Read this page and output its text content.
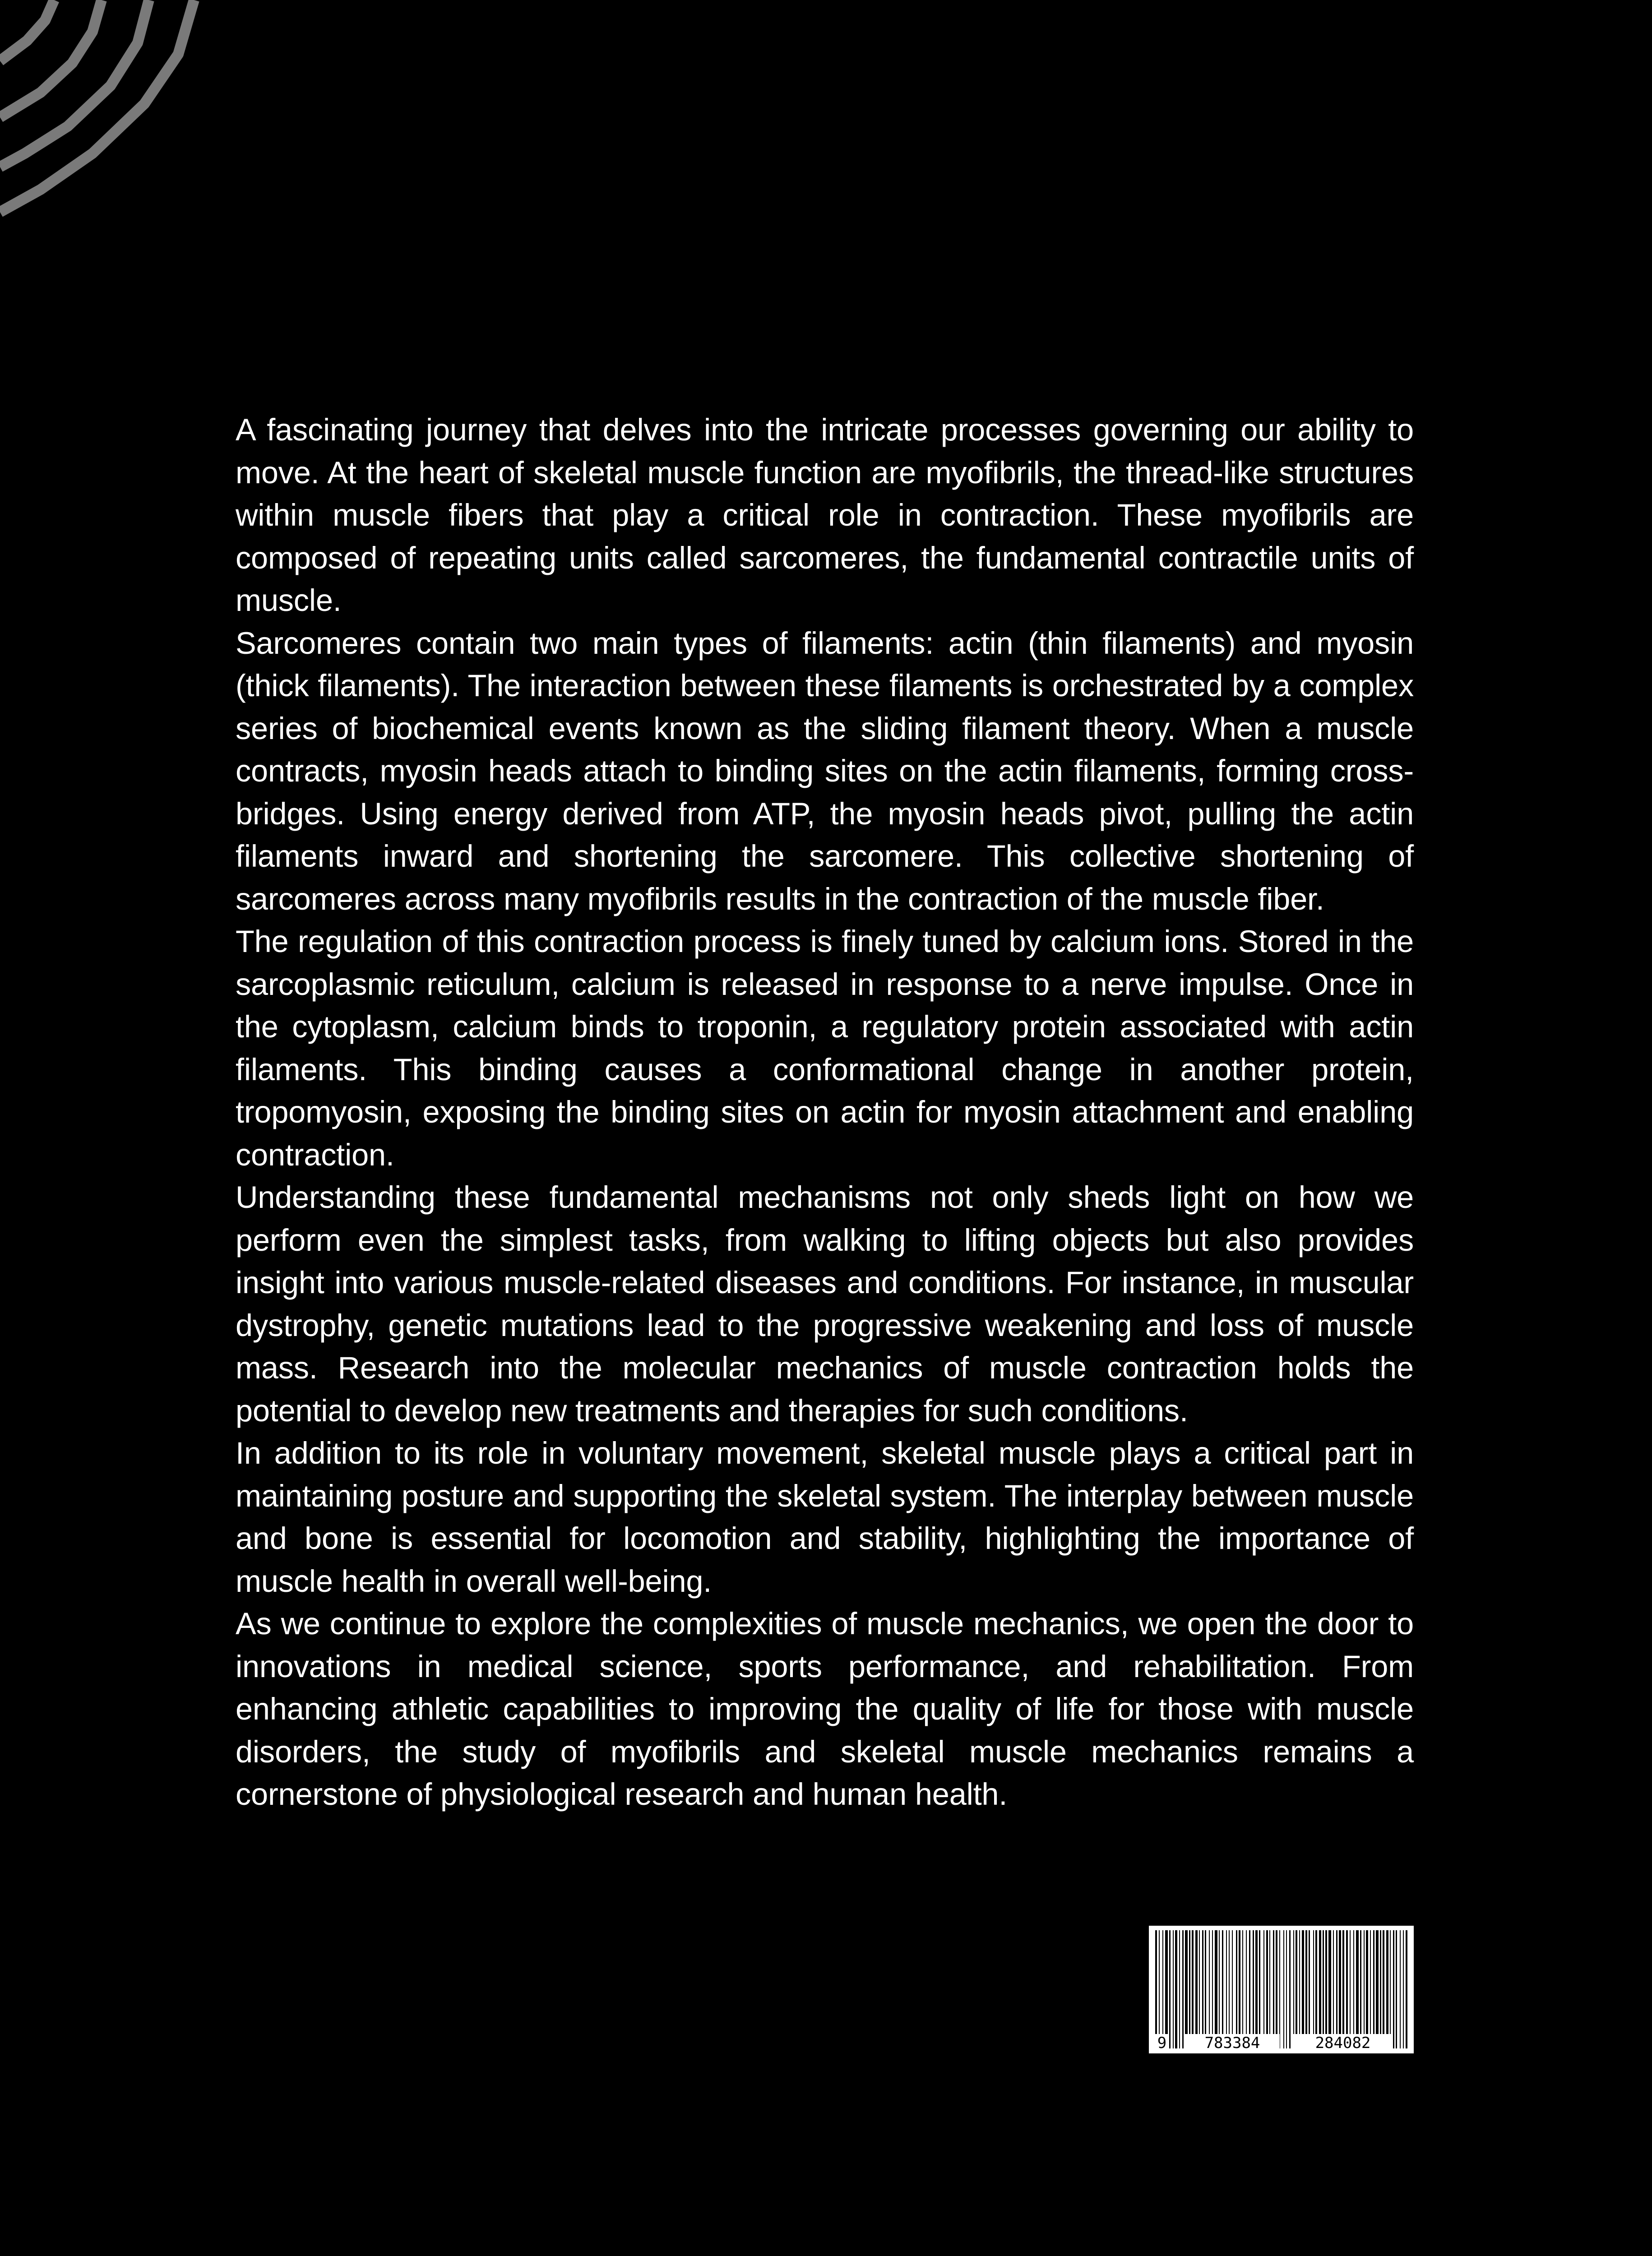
A fascinating journey that delves into the intricate processes governing our ability to move. At the heart of skeletal muscle function are myofibrils, the thread-like structures within muscle fibers that play a critical role in contraction. These myofibrils are composed of repeating units called sarcomeres, the fundamental contractile units of muscle.

Sarcomeres contain two main types of filaments: actin (thin filaments) and myosin (thick filaments). The interaction between these filaments is orchestrated by a complex series of biochemical events known as the sliding filament theory. When a muscle contracts, myosin heads attach to binding sites on the actin filaments, forming cross-bridges. Using energy derived from ATP, the myosin heads pivot, pulling the actin filaments inward and shortening the sarcomere. This collective shortening of sarcomeres across many myofibrils results in the contraction of the muscle fiber.

The regulation of this contraction process is finely tuned by calcium ions. Stored in the sarcoplasmic reticulum, calcium is released in response to a nerve impulse. Once in the cytoplasm, calcium binds to troponin, a regulatory protein associated with actin filaments. This binding causes a conformational change in another protein, tropomyosin, exposing the binding sites on actin for myosin attachment and enabling contraction.

Understanding these fundamental mechanisms not only sheds light on how we perform even the simplest tasks, from walking to lifting objects but also provides insight into various muscle-related diseases and conditions. For instance, in muscular dystrophy, genetic mutations lead to the progressive weakening and loss of muscle mass. Research into the molecular mechanics of muscle contraction holds the potential to develop new treatments and therapies for such conditions.

In addition to its role in voluntary movement, skeletal muscle plays a critical part in maintaining posture and supporting the skeletal system. The interplay between muscle and bone is essential for locomotion and stability, highlighting the importance of muscle health in overall well-being.

As we continue to explore the complexities of muscle mechanics, we open the door to innovations in medical science, sports performance, and rehabilitation. From enhancing athletic capabilities to improving the quality of life for those with muscle disorders, the study of myofibrils and skeletal muscle mechanics remains a cornerstone of physiological research and human health.

9	783384	284082
